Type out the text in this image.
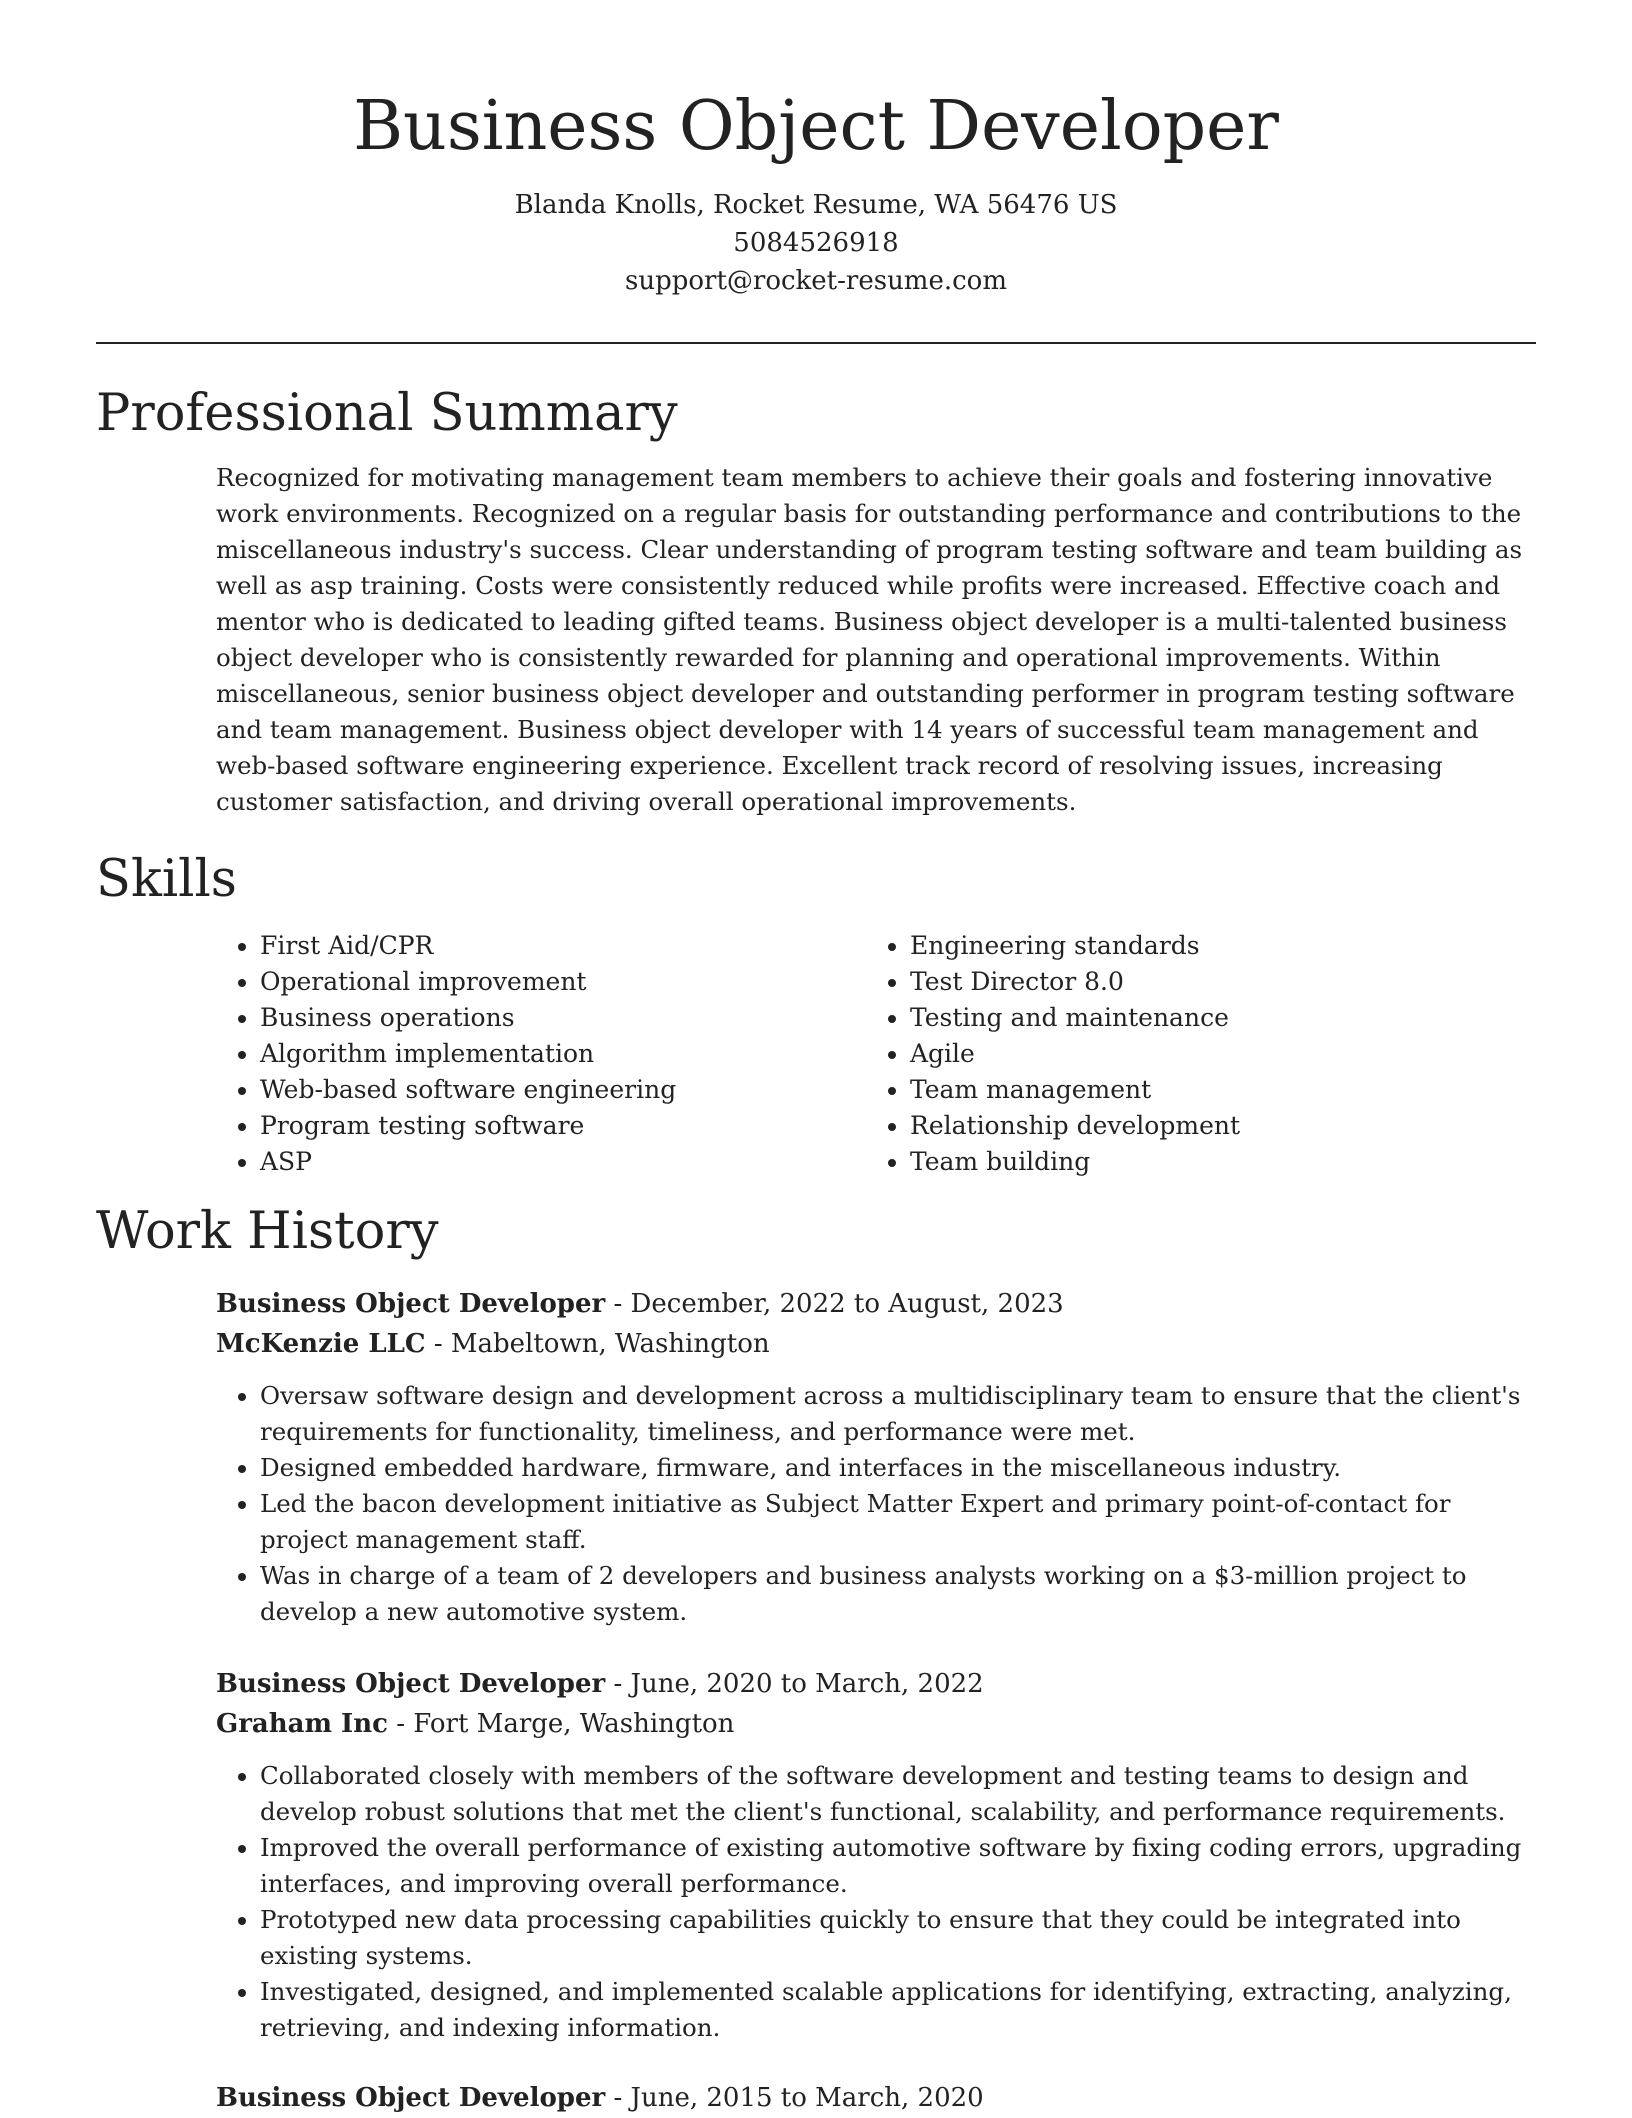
Business Object Developer
Blanda Knolls, Rocket Resume, WA 56476 US
5084526918
support@rocket-resume.com
Professional Summary

Recognized for motivating management team members to achieve their goals and fostering innovative work environments. Recognized on a regular basis for outstanding performance and contributions to the miscellaneous industry's success. Clear understanding of program testing software and team building as well as asp training. Costs were consistently reduced while profits were increased. Effective coach and mentor who is dedicated to leading gifted teams. Business object developer is a multi-talented business object developer who is consistently rewarded for planning and operational improvements. Within miscellaneous, senior business object developer and outstanding performer in program testing software and team management. Business object developer with 14 years of successful team management and web-based software engineering experience. Excellent track record of resolving issues, increasing customer satisfaction, and driving overall operational improvements.

Skills
• First Aid/CPR
• Operational improvement
• Business operations
• Algorithm implementation
• Web-based software engineering
• Program testing software
• ASP
• Engineering standards
• Test Director 8.0
• Testing and maintenance
• Agile
• Team management
• Relationship development
• Team building
Work History
Business Object Developer - December, 2022 to August, 2023
McKenzie LLC - Mabeltown, Washington
• Oversaw software design and development across a multidisciplinary team to ensure that the client's requirements for functionality, timeliness, and performance were met.
• Designed embedded hardware, firmware, and interfaces in the miscellaneous industry.
• Led the bacon development initiative as Subject Matter Expert and primary point-of-contact for project management staff.
• Was in charge of a team of 2 developers and business analysts working on a $3-million project to develop a new automotive system.
Business Object Developer - June, 2020 to March, 2022
Graham Inc - Fort Marge, Washington
• Collaborated closely with members of the software development and testing teams to design and develop robust solutions that met the client's functional, scalability, and performance requirements.
• Improved the overall performance of existing automotive software by fixing coding errors, upgrading interfaces, and improving overall performance.
• Prototyped new data processing capabilities quickly to ensure that they could be integrated into existing systems.
• Investigated, designed, and implemented scalable applications for identifying, extracting, analyzing, retrieving, and indexing information.
Business Object Developer - June, 2015 to March, 2020
